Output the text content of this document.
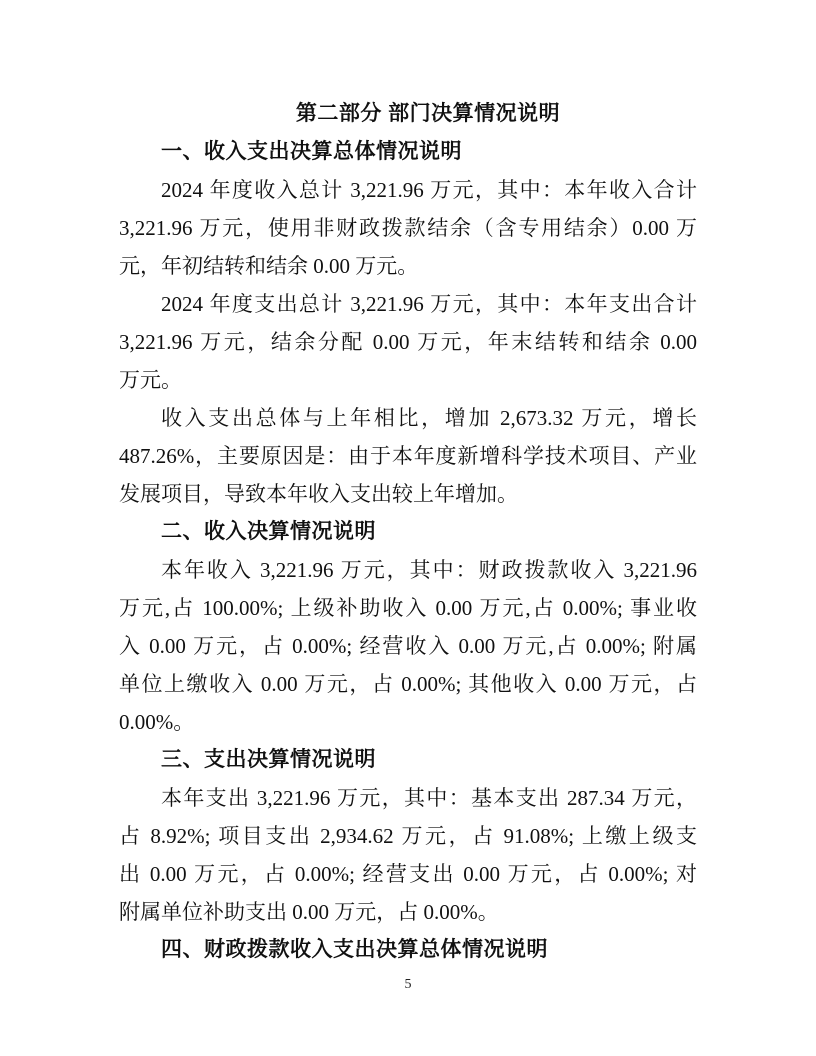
第二部分 部门决算情况说明
一、收入支出决算总体情况说明
2024 年度收入总计 3,221.96 万元，其中：本年收入合计
3,221.96 万元，使用非财政拨款结余（含专用结余）0.00 万
元，年初结转和结余 0.00 万元。
2024 年度支出总计 3,221.96 万元，其中：本年支出合计
3,221.96 万元，结余分配 0.00 万元，年末结转和结余 0.00
万元。
收入支出总体与上年相比，增加 2,673.32 万元，增长
487.26%，主要原因是：由于本年度新增科学技术项目、产业
发展项目，导致本年收入支出较上年增加。
二、收入决算情况说明
本年收入 3,221.96 万元，其中：财政拨款收入 3,221.96
万元,占 100.00%; 上级补助收入 0.00 万元,占 0.00%; 事业收
入 0.00 万元，占 0.00%; 经营收入 0.00 万元,占 0.00%; 附属
单位上缴收入 0.00 万元，占 0.00%; 其他收入 0.00 万元，占
0.00%。
三、支出决算情况说明
本年支出 3,221.96 万元，其中：基本支出 287.34 万元，
占 8.92%; 项目支出 2,934.62 万元，占 91.08%; 上缴上级支
出 0.00 万元，占 0.00%; 经营支出 0.00 万元，占 0.00%; 对
附属单位补助支出 0.00 万元，占 0.00%。
四、财政拨款收入支出决算总体情况说明
5
